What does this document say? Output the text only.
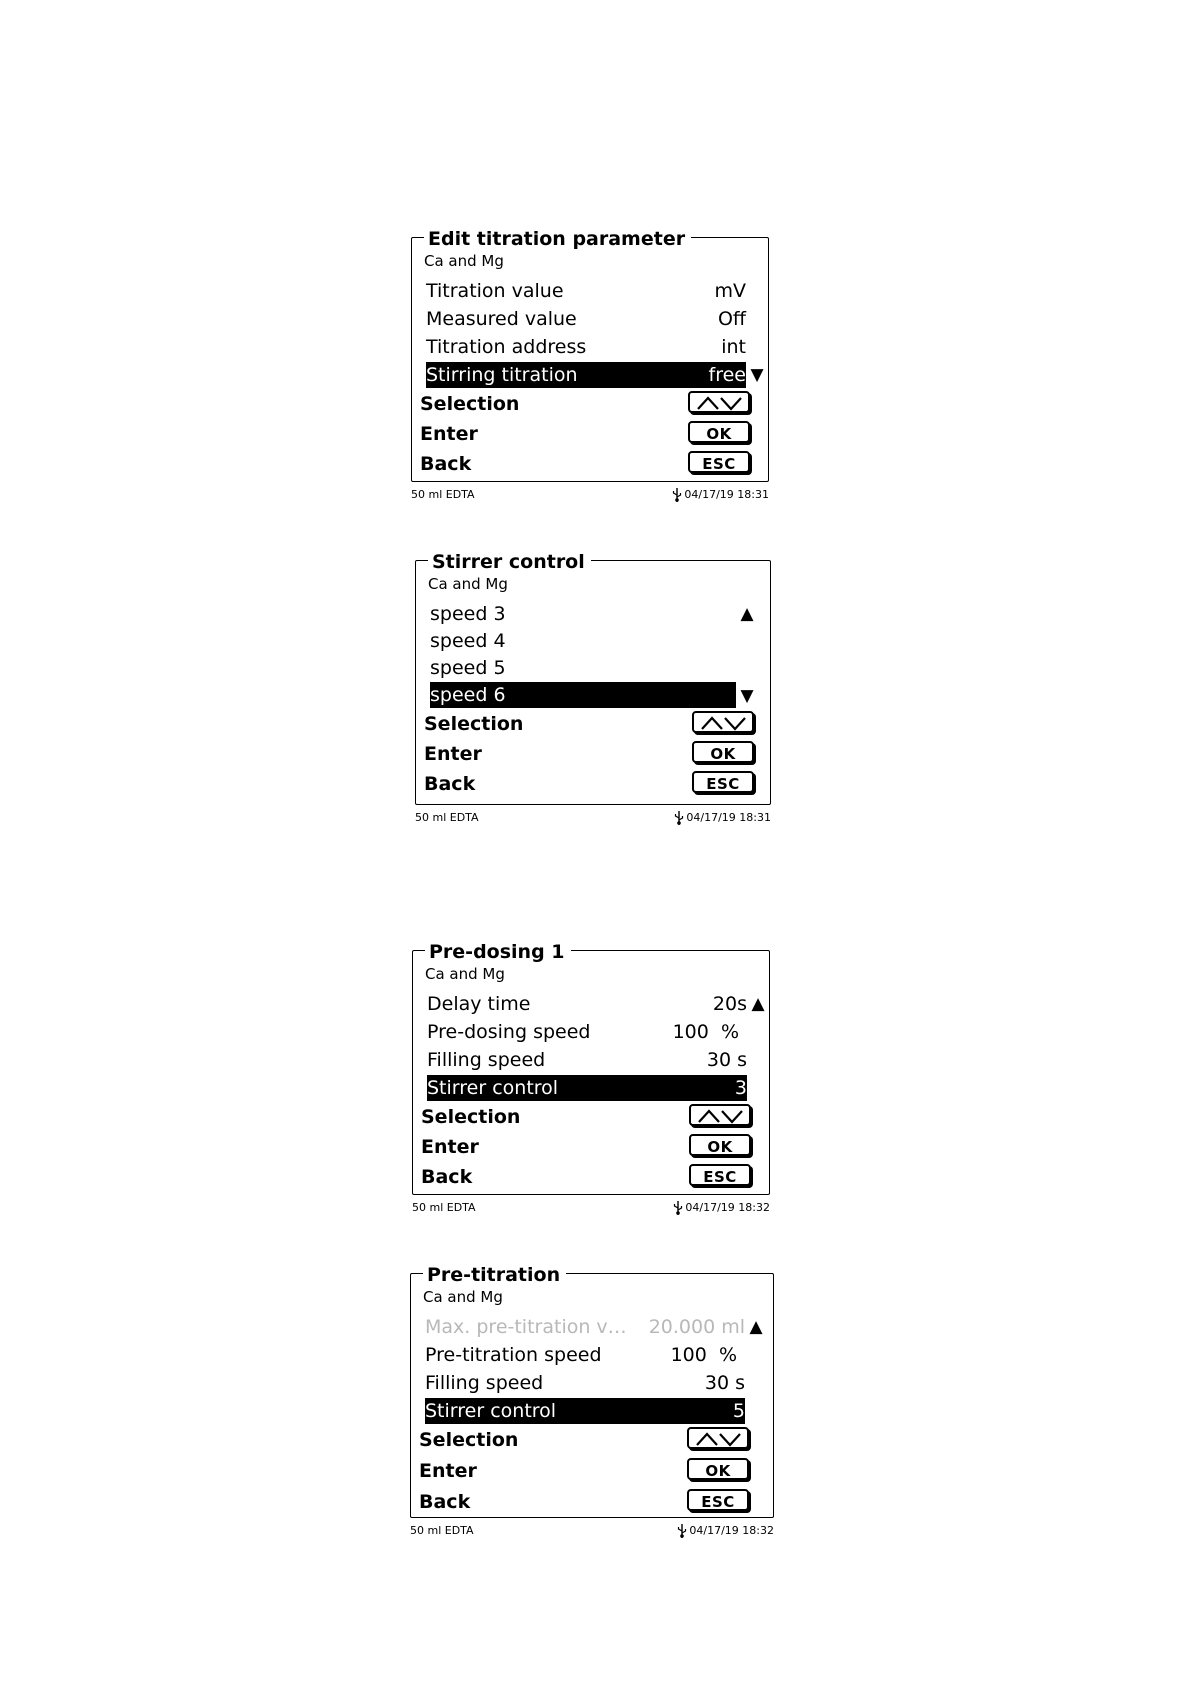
Edit titration parameter
Ca and Mg
Titration value	mV
Measured value	Off
Titration address	int
Stirring titration	free ▼
Selection
Enter	OK
Back	ESC
50 ml EDTA	04/17/19 18:31
Stirrer control
Ca and Mg
speed 3	▲
speed 4
speed 5
speed 6	▼
Selection
Enter	OK
Back	ESC
50 ml EDTA	04/17/19 18:31
Pre-dosing 1
Ca and Mg
Delay time	20s ▲
Pre-dosing speed	100  %
Filling speed	30 s
Stirrer control	3
Selection
Enter	OK
Back	ESC
50 ml EDTA	04/17/19 18:32
Pre-titration
Ca and Mg
Max. pre-titration v… 20.000 ml ▲
Pre-titration speed	100  %
Filling speed	30 s
Stirrer control	5
Selection
Enter	OK
Back	ESC
50 ml EDTA	04/17/19 18:32
